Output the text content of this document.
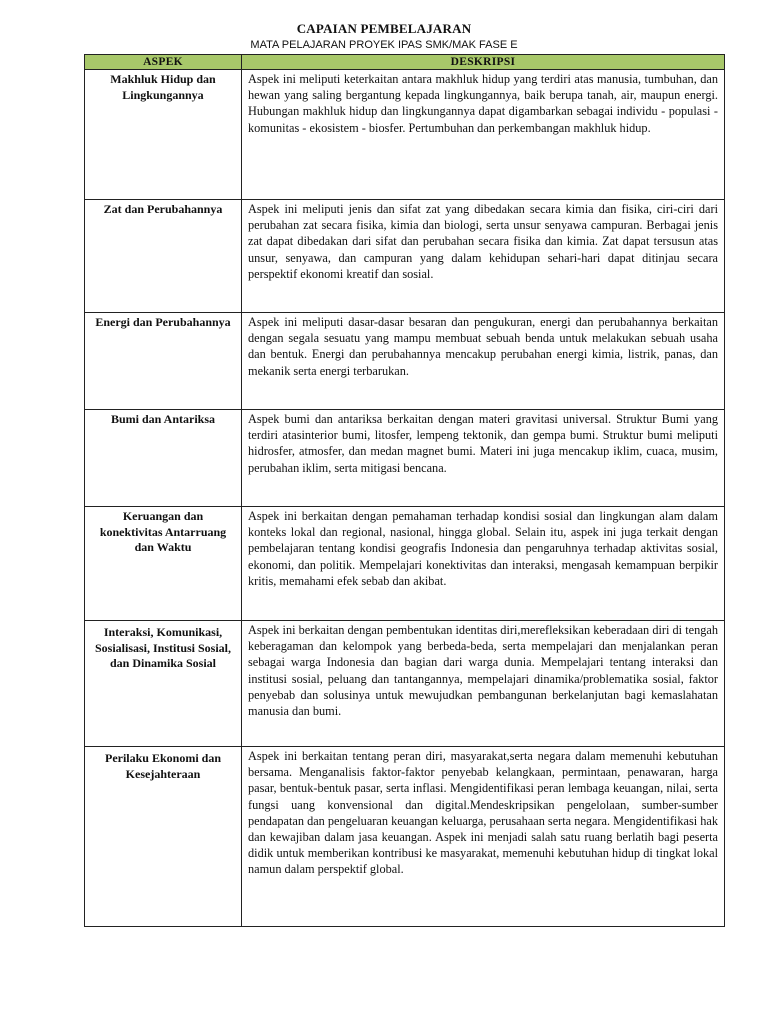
CAPAIAN PEMBELAJARAN
MATA PELAJARAN PROYEK IPAS SMK/MAK FASE E
ASPEK	DESKRIPSI
Makhluk Hidup dan Lingkungannya	Aspek ini meliputi keterkaitan antara makhluk hidup yang terdiri atas manusia, tumbuhan, dan hewan yang saling bergantung kepada lingkungannya, baik berupa tanah, air, maupun energi. Hubungan makhluk hidup dan lingkungannya dapat digambarkan sebagai individu - populasi - komunitas - ekosistem - biosfer. Pertumbuhan dan perkembangan makhluk hidup.
Zat dan Perubahannya	Aspek ini meliputi jenis dan sifat zat yang dibedakan secara kimia dan fisika, ciri-ciri dari perubahan zat secara fisika, kimia dan biologi, serta unsur senyawa campuran. Berbagai jenis zat dapat dibedakan dari sifat dan perubahan secara fisika dan kimia. Zat dapat tersusun atas unsur, senyawa, dan campuran yang dalam kehidupan sehari-hari dapat ditinjau secara perspektif ekonomi kreatif dan sosial.
Energi dan Perubahannya	Aspek ini meliputi dasar-dasar besaran dan pengukuran, energi dan perubahannya berkaitan dengan segala sesuatu yang mampu membuat sebuah benda untuk melakukan sebuah usaha dan bentuk. Energi dan perubahannya mencakup perubahan energi kimia, listrik, panas, dan mekanik serta energi terbarukan.
Bumi dan Antariksa	Aspek bumi dan antariksa berkaitan dengan materi gravitasi universal. Struktur Bumi yang terdiri atasinterior bumi, litosfer, lempeng tektonik, dan gempa bumi. Struktur bumi meliputi hidrosfer, atmosfer, dan medan magnet bumi. Materi ini juga mencakup iklim, cuaca, musim, perubahan iklim, serta mitigasi bencana.
Keruangan dan konektivitas Antarruang dan Waktu	Aspek ini berkaitan dengan pemahaman terhadap kondisi sosial dan lingkungan alam dalam konteks lokal dan regional, nasional, hingga global. Selain itu, aspek ini juga terkait dengan pembelajaran tentang kondisi geografis Indonesia dan pengaruhnya terhadap aktivitas sosial, ekonomi, dan politik. Mempelajari konektivitas dan interaksi, mengasah kemampuan berpikir kritis, memahami efek sebab dan akibat.
Interaksi, Komunikasi, Sosialisasi, Institusi Sosial, dan Dinamika Sosial	Aspek ini berkaitan dengan pembentukan identitas diri,merefleksikan keberadaan diri di tengah keberagaman dan kelompok yang berbeda-beda, serta mempelajari dan menjalankan peran sebagai warga Indonesia dan bagian dari warga dunia. Mempelajari tentang interaksi dan institusi sosial, peluang dan tantangannya, mempelajari dinamika/problematika sosial, faktor penyebab dan solusinya untuk mewujudkan pembangunan berkelanjutan bagi kemaslahatan manusia dan bumi.
Perilaku Ekonomi dan Kesejahteraan	Aspek ini berkaitan tentang peran diri, masyarakat,serta negara dalam memenuhi kebutuhan bersama. Menganalisis faktor-faktor penyebab kelangkaan, permintaan, penawaran, harga pasar, bentuk-bentuk pasar, serta inflasi. Mengidentifikasi peran lembaga keuangan, nilai, serta fungsi uang konvensional dan digital.Mendeskripsikan pengelolaan, sumber-sumber pendapatan dan pengeluaran keuangan keluarga, perusahaan serta negara. Mengidentifikasi hak dan kewajiban dalam jasa keuangan. Aspek ini menjadi salah satu ruang berlatih bagi peserta didik untuk memberikan kontribusi ke masyarakat, memenuhi kebutuhan hidup di tingkat lokal namun dalam perspektif global.
